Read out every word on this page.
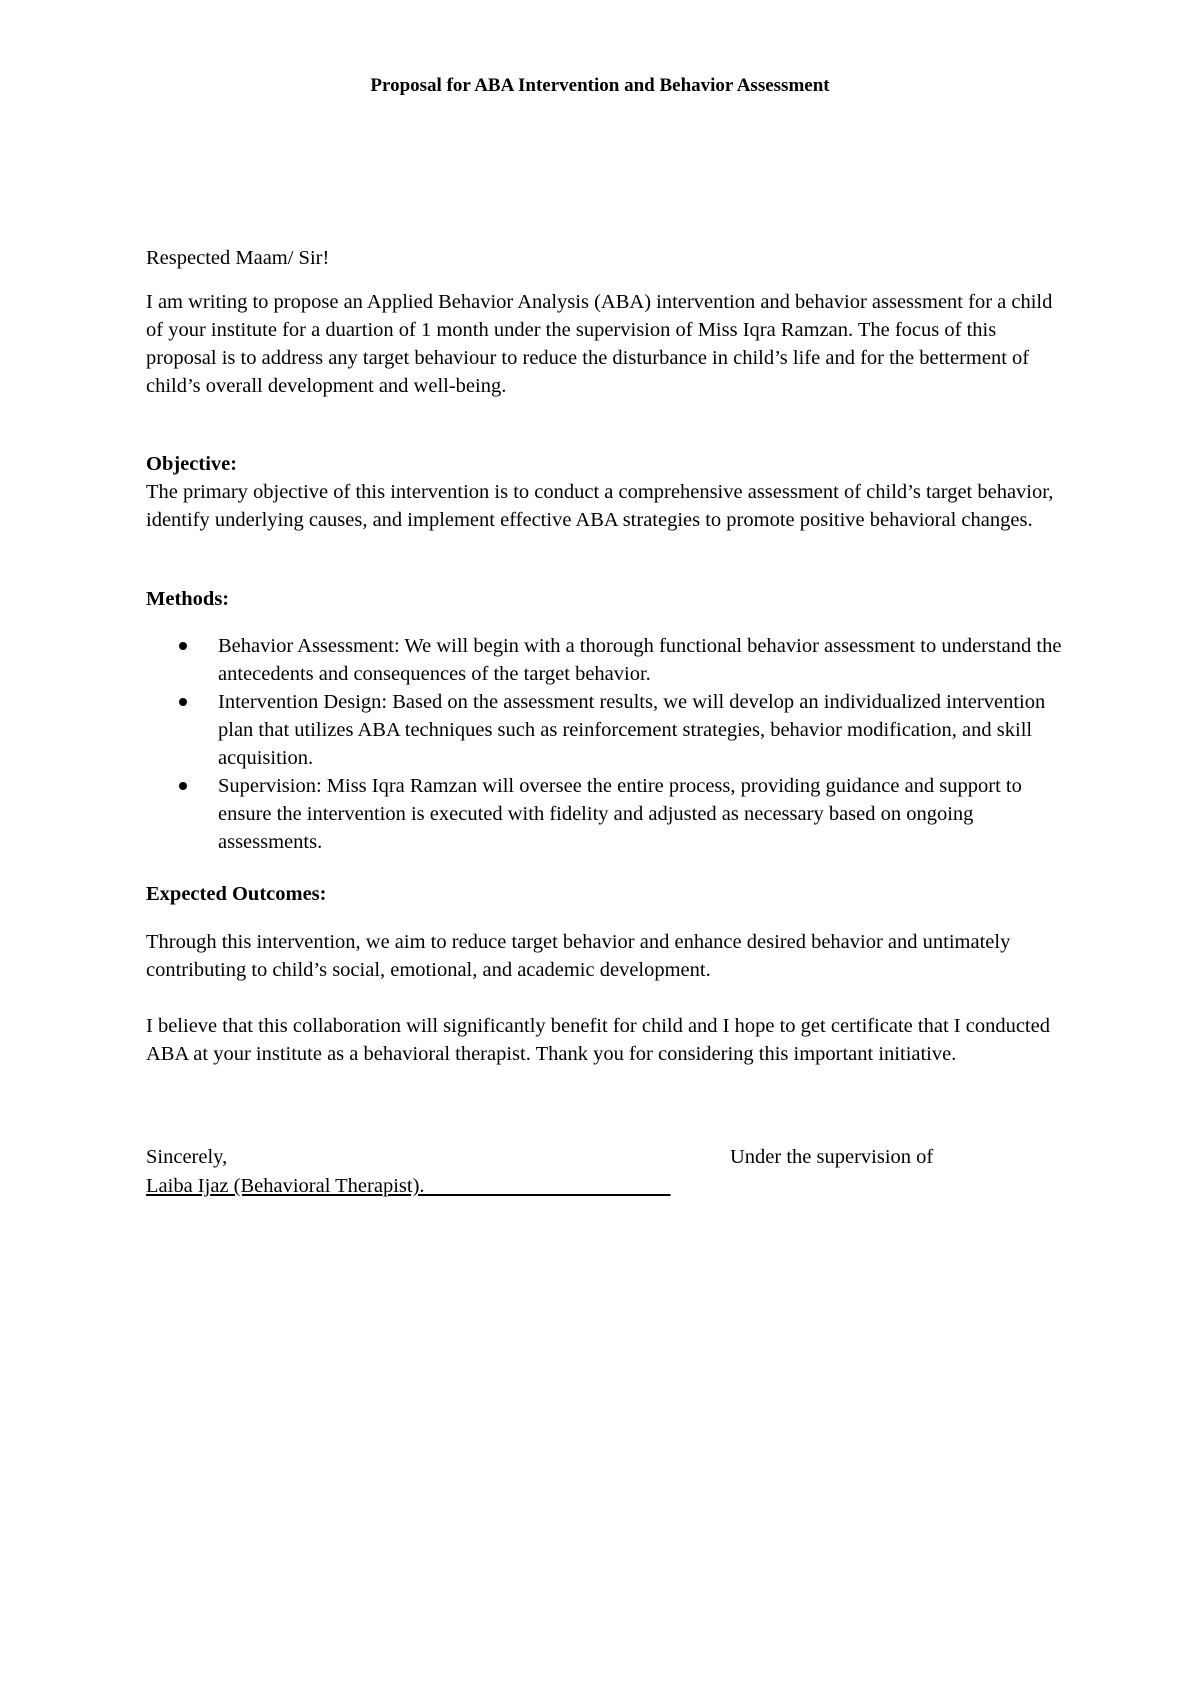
Proposal for ABA Intervention and Behavior Assessment

Respected Maam/ Sir!

I am writing to propose an Applied Behavior Analysis (ABA) intervention and behavior assessment for a child of your institute for a duartion of 1 month under the supervision of Miss Iqra Ramzan. The focus of this proposal is to address any target behaviour to reduce the disturbance in child’s life and for the betterment of child’s overall development and well-being.

Objective:

The primary objective of this intervention is to conduct a comprehensive assessment of child’s target behavior, identify underlying causes, and implement effective ABA strategies to promote positive behavioral changes.

Methods:

Behavior Assessment: We will begin with a thorough functional behavior assessment to understand the antecedents and consequences of the target behavior.
Intervention Design: Based on the assessment results, we will develop an individualized intervention plan that utilizes ABA techniques such as reinforcement strategies, behavior modification, and skill acquisition.
Supervision: Miss Iqra Ramzan will oversee the entire process, providing guidance and support to ensure the intervention is executed with fidelity and adjusted as necessary based on ongoing assessments.

Expected Outcomes:

Through this intervention, we aim to reduce target behavior and enhance desired behavior and untimately contributing to child’s social, emotional, and academic development.

I believe that this collaboration will significantly benefit for child and I hope to get certificate that I conducted ABA at your institute as a behavioral therapist. Thank you for considering this important initiative.

Sincerely,

Laiba Ijaz (Behavioral Therapist).

Under the supervision of
